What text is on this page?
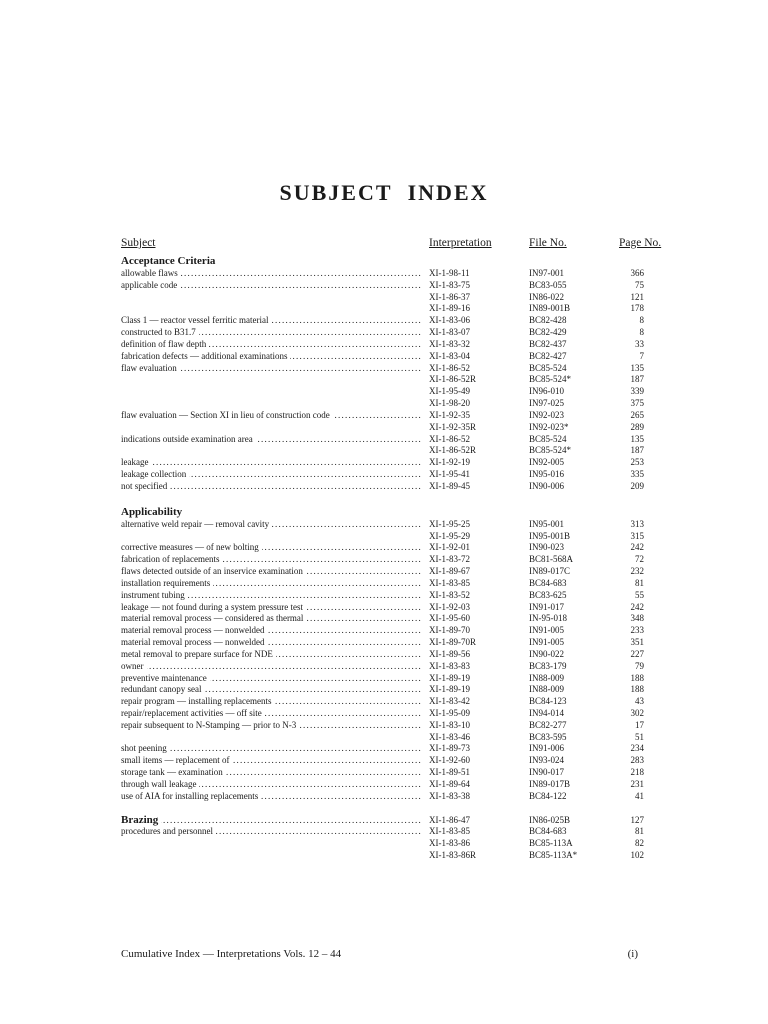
SUBJECT INDEX
Subject	Interpretation	File No.	Page No.
Acceptance Criteria
allowable flaws . . .	XI-1-98-11	IN97-001	366
applicable code . . .	XI-1-83-75	BC83-055	75
XI-1-86-37	IN86-022	121
XI-1-89-16	IN89-001B	178
Class 1 — reactor vessel ferritic material . . .	XI-1-83-06	BC82-428	8
constructed to B31.7 . . .	XI-1-83-07	BC82-429	8
definition of flaw depth . . .	XI-1-83-32	BC82-437	33
fabrication defects — additional examinations . . .	XI-1-83-04	BC82-427	7
flaw evaluation . . .	XI-1-86-52	BC85-524	135
XI-1-86-52R	BC85-524*	187
XI-1-95-49	IN96-010	339
XI-1-98-20	IN97-025	375
flaw evaluation — Section XI in lieu of construction code . . .	XI-1-92-35	IN92-023	265
XI-1-92-35R	IN92-023*	289
indications outside examination area . . .	XI-1-86-52	BC85-524	135
XI-1-86-52R	BC85-524*	187
leakage . . .	XI-1-92-19	IN92-005	253
leakage collection . . .	XI-1-95-41	IN95-016	335
not specified . . .	XI-1-89-45	IN90-006	209
Applicability
alternative weld repair — removal cavity . . .	XI-1-95-25	IN95-001	313
XI-1-95-29	IN95-001B	315
corrective measures — of new bolting . . .	XI-1-92-01	IN90-023	242
fabrication of replacements . . .	XI-1-83-72	BC81-568A	72
flaws detected outside of an inservice examination . . .	XI-1-89-67	IN89-017C	232
installation requirements . . .	XI-1-83-85	BC84-683	81
instrument tubing . . .	XI-1-83-52	BC83-625	55
leakage — not found during a system pressure test . . .	XI-1-92-03	IN91-017	242
material removal process — considered as thermal . . .	XI-1-95-60	IN-95-018	348
material removal process — nonwelded . . .	XI-1-89-70	IN91-005	233
material removal process — nonwelded . . .	XI-1-89-70R	IN91-005	351
metal removal to prepare surface for NDE . . .	XI-1-89-56	IN90-022	227
owner . . .	XI-1-83-83	BC83-179	79
preventive maintenance . . .	XI-1-89-19	IN88-009	188
redundant canopy seal . . .	XI-1-89-19	IN88-009	188
repair program — installing replacements . . .	XI-1-83-42	BC84-123	43
repair/replacement activities — off site . . .	XI-1-95-09	IN94-014	302
repair subsequent to N-Stamping — prior to N-3 . . .	XI-1-83-10	BC82-277	17
XI-1-83-46	BC83-595	51
shot peening . . .	XI-1-89-73	IN91-006	234
small items — replacement of . . .	XI-1-92-60	IN93-024	283
storage tank — examination . . .	XI-1-89-51	IN90-017	218
through wall leakage . . .	XI-1-89-64	IN89-017B	231
use of AIA for installing replacements . . .	XI-1-83-38	BC84-122	41
Brazing . . .	XI-1-86-47	IN86-025B	127
procedures and personnel . . .	XI-1-83-85	BC84-683	81
XI-1-83-86	BC85-113A	82
XI-1-83-86R	BC85-113A*	102
Cumulative Index — Interpretations Vols. 12 – 44	(i)
